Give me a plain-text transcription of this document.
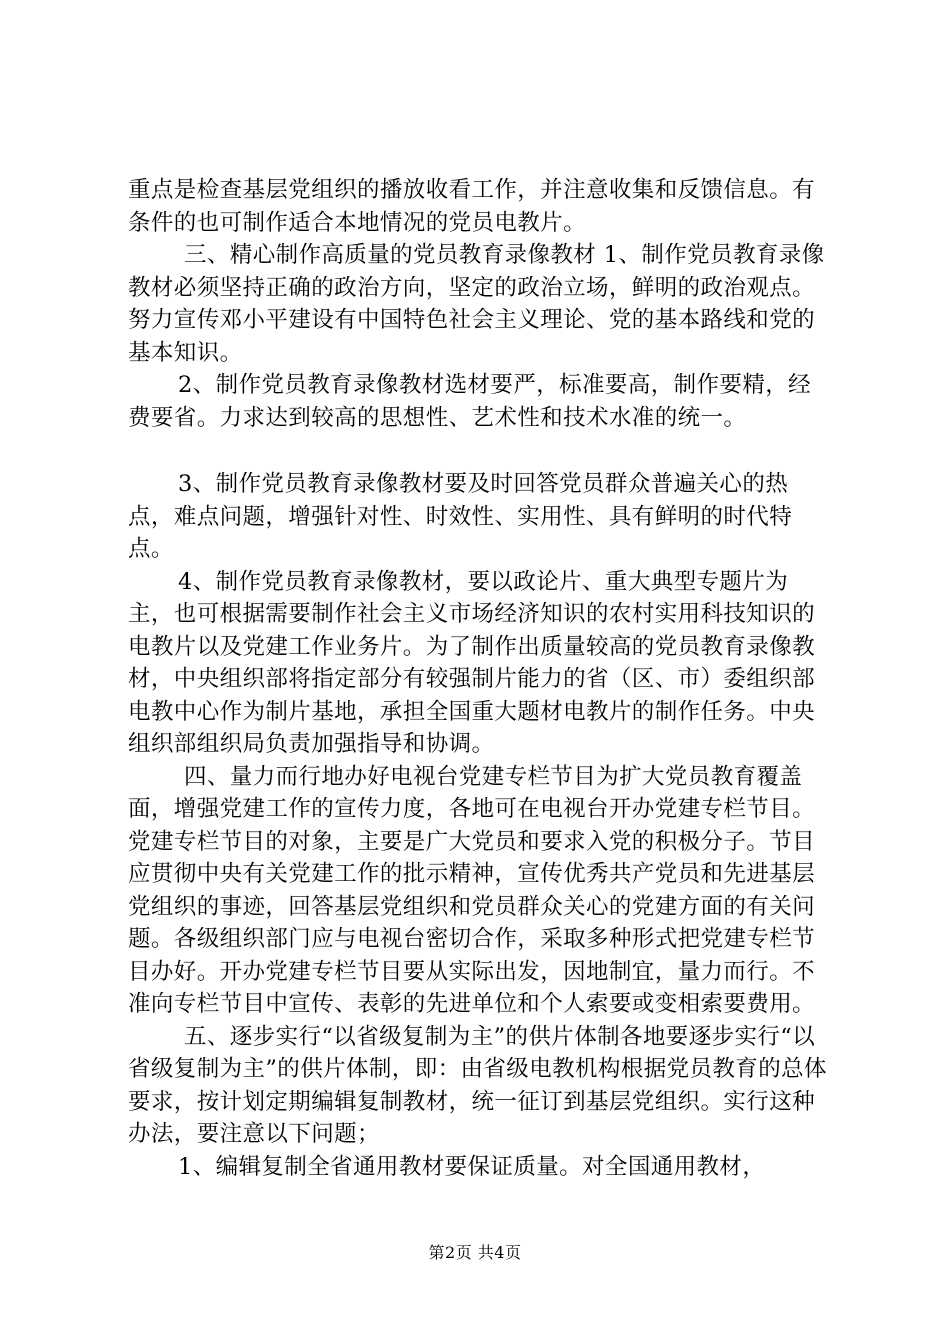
重点是检查基层党组织的播放收看工作，并注意收集和反馈信息。有条件的也可制作适合本地情况的党员电教片。

三、精心制作高质量的党员教育录像教材 1、制作党员教育录像教材必须坚持正确的政治方向，坚定的政治立场，鲜明的政治观点。努力宣传邓小平建设有中国特色社会主义理论、党的基本路线和党的基本知识。

2、制作党员教育录像教材选材要严，标准要高，制作要精，经费要省。力求达到较高的思想性、艺术性和技术水准的统一。

3、制作党员教育录像教材要及时回答党员群众普遍关心的热点，难点问题，增强针对性、时效性、实用性、具有鲜明的时代特点。

4、制作党员教育录像教材，要以政论片、重大典型专题片为主，也可根据需要制作社会主义市场经济知识的农村实用科技知识的电教片以及党建工作业务片。为了制作出质量较高的党员教育录像教材，中央组织部将指定部分有较强制片能力的省（区、市）委组织部电教中心作为制片基地，承担全国重大题材电教片的制作任务。中央组织部组织局负责加强指导和协调。

四、量力而行地办好电视台党建专栏节目为扩大党员教育覆盖面，增强党建工作的宣传力度，各地可在电视台开办党建专栏节目。党建专栏节目的对象，主要是广大党员和要求入党的积极分子。节目应贯彻中央有关党建工作的批示精神，宣传优秀共产党员和先进基层党组织的事迹，回答基层党组织和党员群众关心的党建方面的有关问题。各级组织部门应与电视台密切合作，采取多种形式把党建专栏节目办好。开办党建专栏节目要从实际出发，因地制宜，量力而行。不准向专栏节目中宣传、表彰的先进单位和个人索要或变相索要费用。

五、逐步实行“以省级复制为主”的供片体制各地要逐步实行“以省级复制为主”的供片体制，即：由省级电教机构根据党员教育的总体要求，按计划定期编辑复制教材，统一征订到基层党组织。实行这种办法，要注意以下问题；

1、编辑复制全省通用教材要保证质量。对全国通用教材，

第2页 共4页
